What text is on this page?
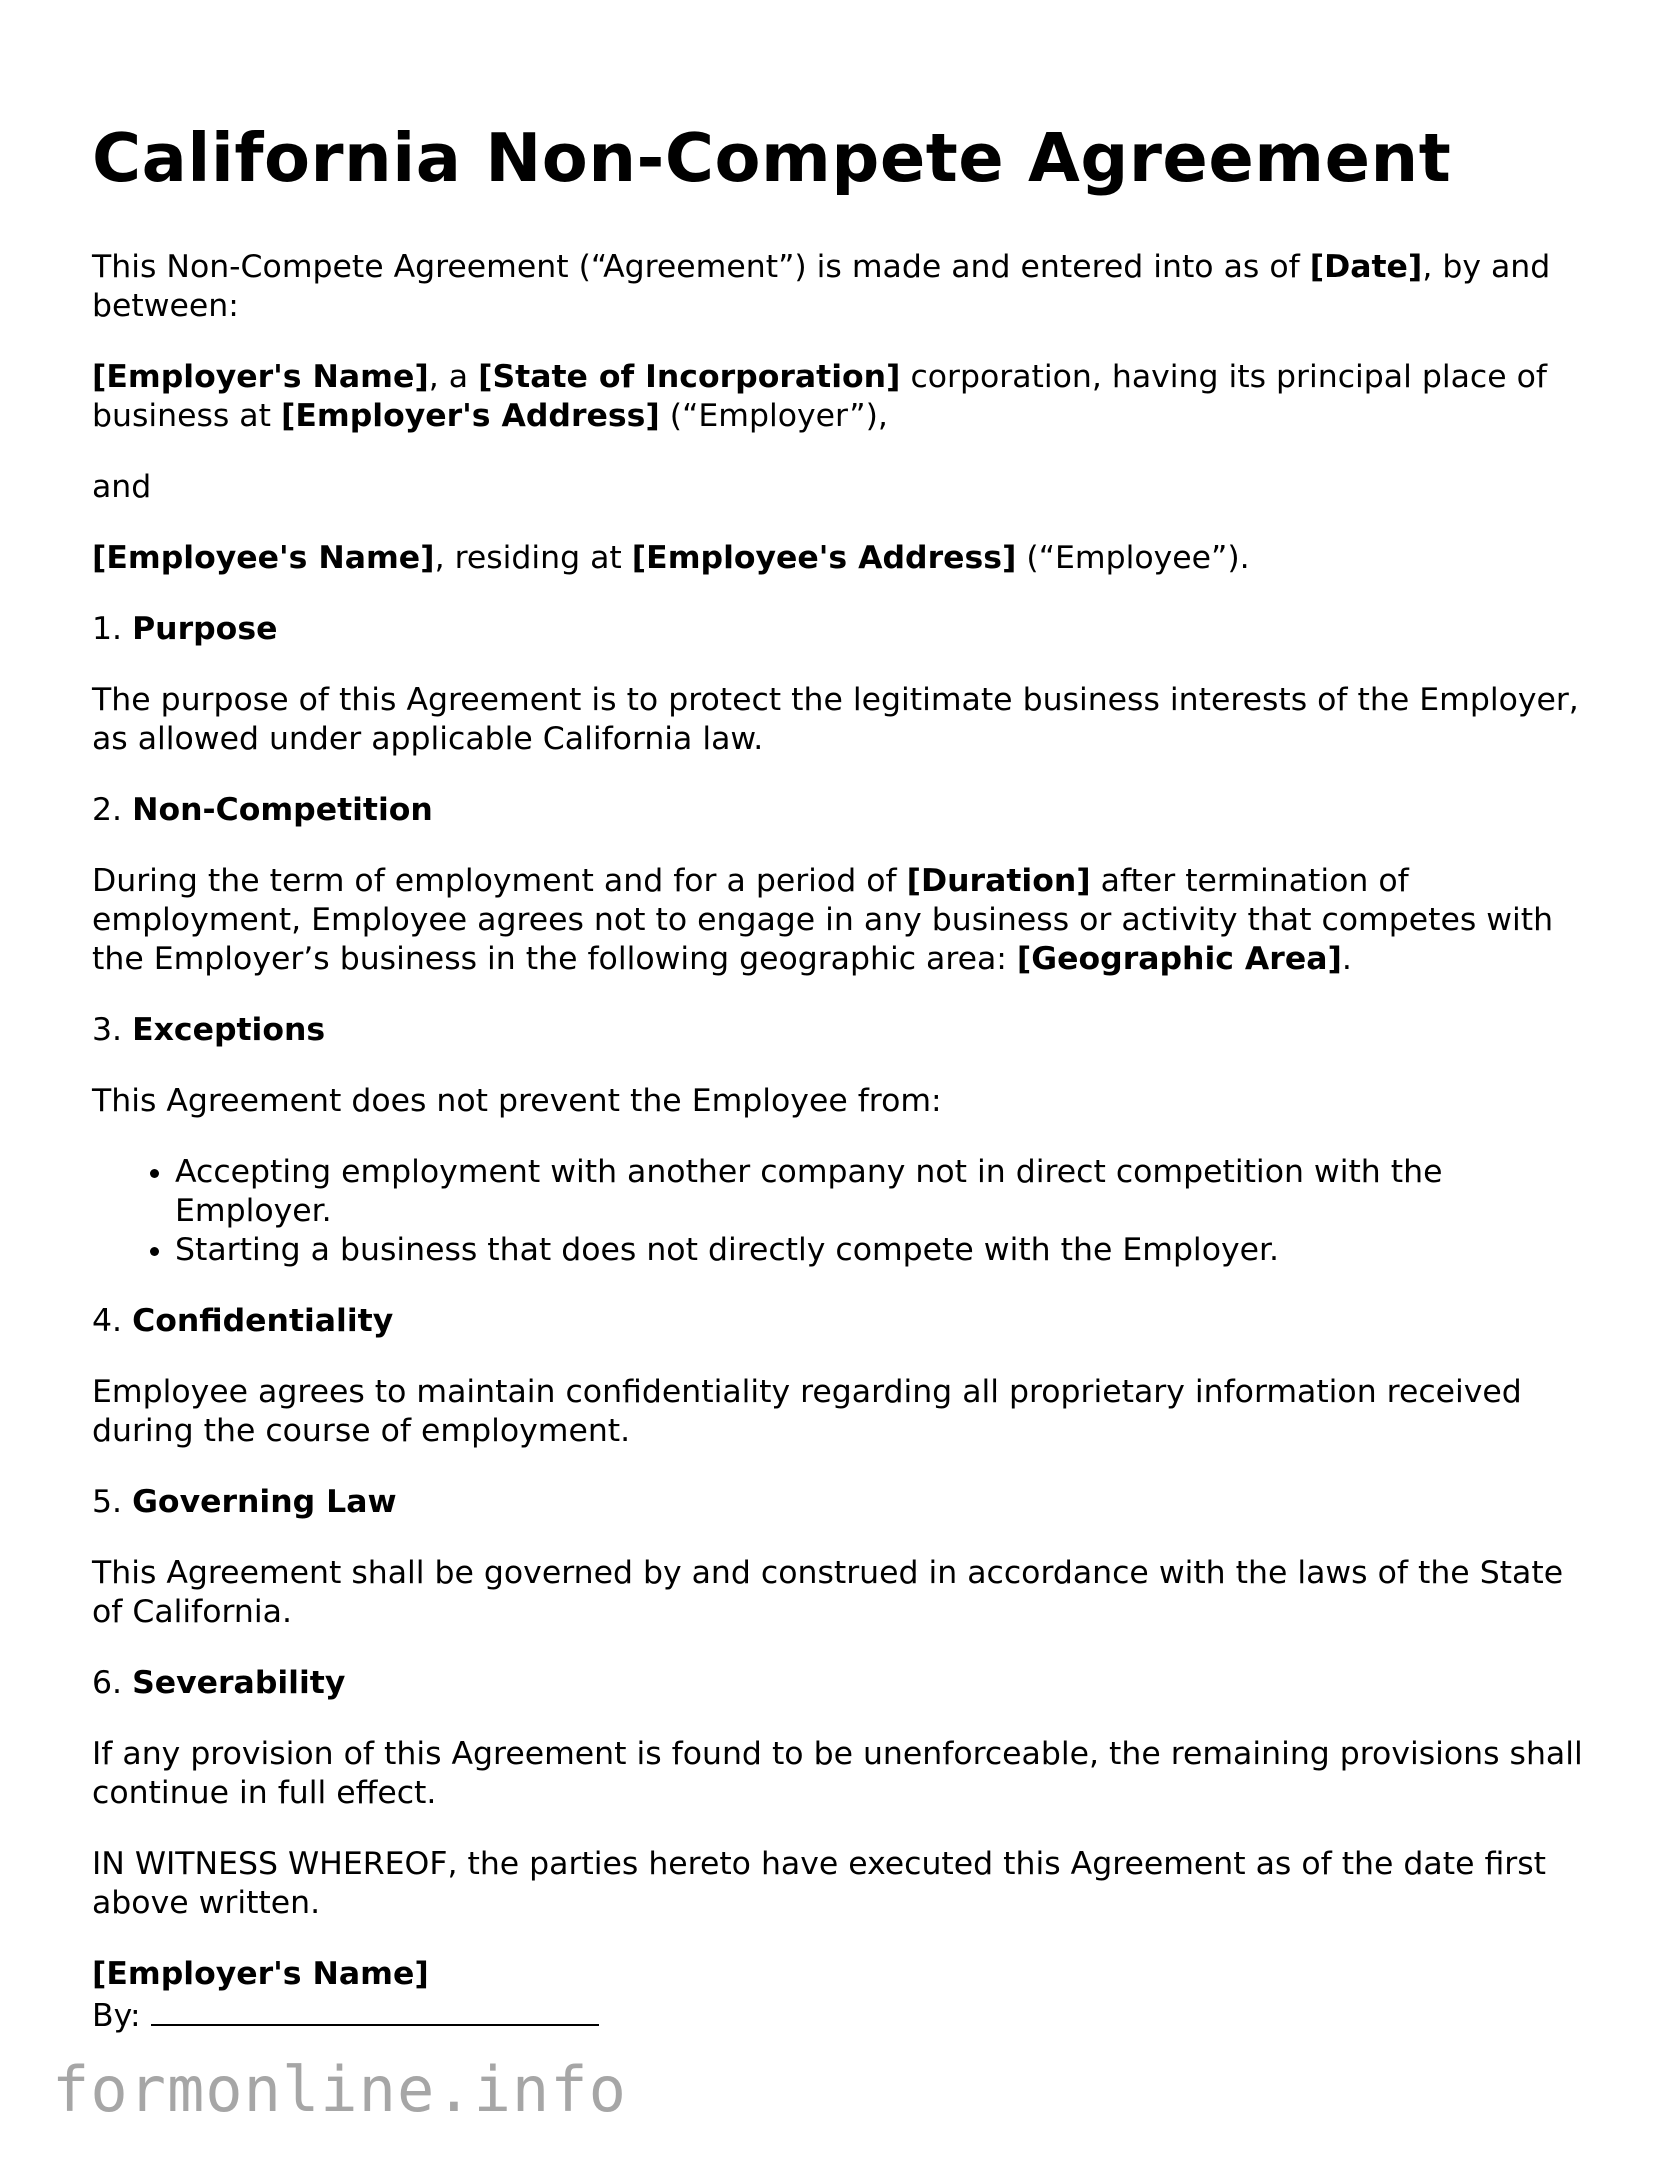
California Non-Compete Agreement

This Non-Compete Agreement (“Agreement”) is made and entered into as of [Date], by and between:

[Employer's Name], a [State of Incorporation] corporation, having its principal place of business at [Employer's Address] (“Employer”),

and

[Employee's Name], residing at [Employee's Address] (“Employee”).

1. Purpose

The purpose of this Agreement is to protect the legitimate business interests of the Employer, as allowed under applicable California law.

2. Non-Competition

During the term of employment and for a period of [Duration] after termination of employment, Employee agrees not to engage in any business or activity that competes with the Employer’s business in the following geographic area: [Geographic Area].

3. Exceptions

This Agreement does not prevent the Employee from:

• Accepting employment with another company not in direct competition with the Employer.
• Starting a business that does not directly compete with the Employer.

4. Confidentiality

Employee agrees to maintain confidentiality regarding all proprietary information received during the course of employment.

5. Governing Law

This Agreement shall be governed by and construed in accordance with the laws of the State of California.

6. Severability

If any provision of this Agreement is found to be unenforceable, the remaining provisions shall continue in full effect.

IN WITNESS WHEREOF, the parties hereto have executed this Agreement as of the date first above written.

[Employer's Name]
By:

formonline.info
